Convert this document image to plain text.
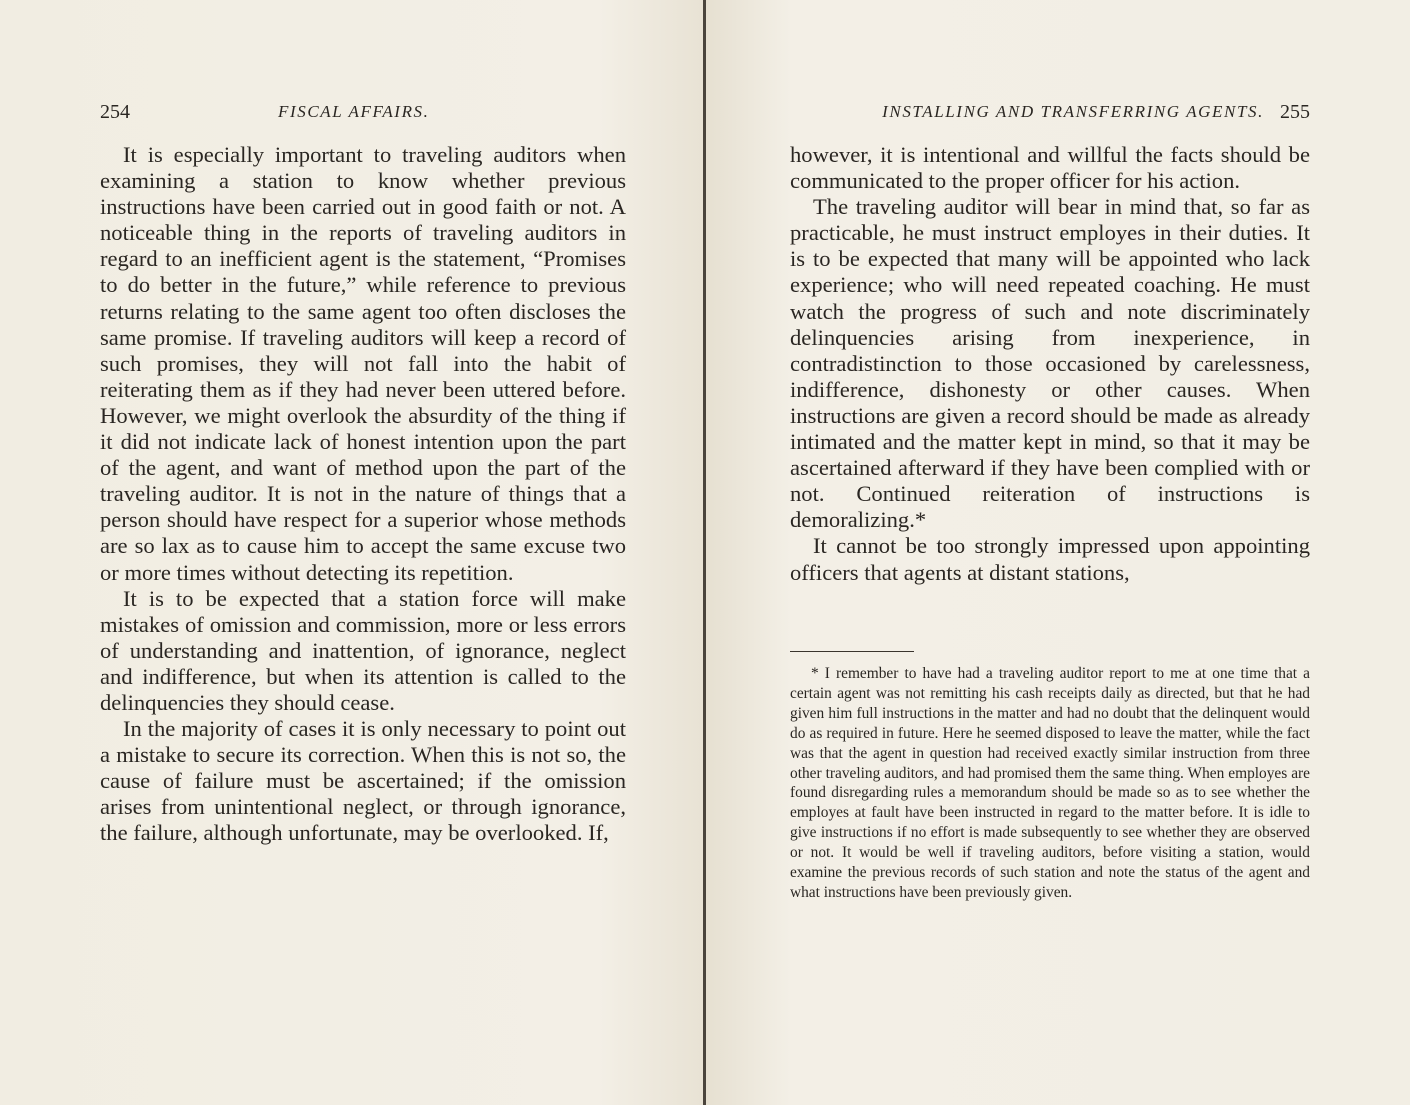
254	FISCAL AFFAIRS.

It is especially important to traveling auditors when examining a station to know whether previous instructions have been carried out in good faith or not. A noticeable thing in the reports of traveling auditors in regard to an inefficient agent is the statement, “Promises to do better in the future,” while reference to previous returns relating to the same agent too often discloses the same promise. If traveling auditors will keep a record of such promises, they will not fall into the habit of reiterating them as if they had never been uttered before. However, we might overlook the absurdity of the thing if it did not indicate lack of honest intention upon the part of the agent, and want of method upon the part of the traveling auditor. It is not in the nature of things that a person should have respect for a superior whose methods are so lax as to cause him to accept the same excuse two or more times without detecting its repetition.

It is to be expected that a station force will make mistakes of omission and commission, more or less errors of understanding and inattention, of ignorance, neglect and indifference, but when its attention is called to the delinquencies they should cease.

In the majority of cases it is only necessary to point out a mistake to secure its correction. When this is not so, the cause of failure must be ascertained; if the omission arises from unintentional neglect, or through ignorance, the failure, although unfortunate, may be overlooked. If,

INSTALLING AND TRANSFERRING AGENTS. 255

however, it is intentional and willful the facts should be communicated to the proper officer for his action.

The traveling auditor will bear in mind that, so far as practicable, he must instruct employes in their duties. It is to be expected that many will be appointed who lack experience; who will need repeated coaching. He must watch the progress of such and note discriminately delinquencies arising from inexperience, in contradistinction to those occasioned by carelessness, indifference, dishonesty or other causes. When instructions are given a record should be made as already intimated and the matter kept in mind, so that it may be ascertained afterward if they have been complied with or not. Continued reiteration of instructions is demoralizing.*

It cannot be too strongly impressed upon appointing officers that agents at distant stations,

* I remember to have had a traveling auditor report to me at one time that a certain agent was not remitting his cash receipts daily as directed, but that he had given him full instructions in the matter and had no doubt that the delinquent would do as required in future. Here he seemed disposed to leave the matter, while the fact was that the agent in question had received exactly similar instruction from three other traveling auditors, and had promised them the same thing. When employes are found disregarding rules a memorandum should be made so as to see whether the employes at fault have been instructed in regard to the matter before. It is idle to give instructions if no effort is made subsequently to see whether they are observed or not. It would be well if traveling auditors, before visiting a station, would examine the previous records of such station and note the status of the agent and what instructions have been previously given.
